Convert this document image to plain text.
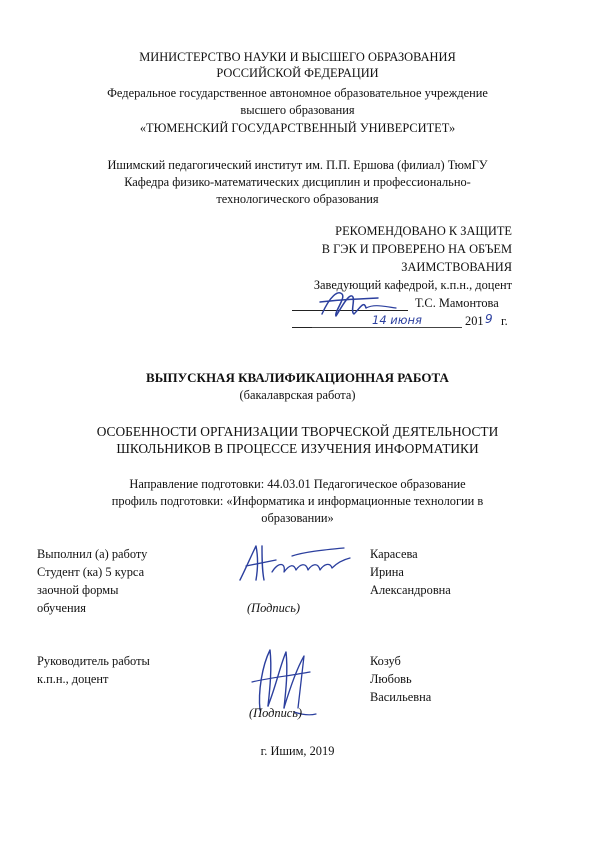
МИНИСТЕРСТВО НАУКИ И ВЫСШЕГО ОБРАЗОВАНИЯ
РОССИЙСКОЙ ФЕДЕРАЦИИ
Федеральное государственное автономное образовательное учреждение
высшего образования
«ТЮМЕНСКИЙ ГОСУДАРСТВЕННЫЙ УНИВЕРСИТЕТ»
Ишимский педагогический институт им. П.П. Ершова (филиал) ТюмГУ
Кафедра физико-математических дисциплин и профессионально-
технологического образования
РЕКОМЕНДОВАНО К ЗАЩИТЕ
В ГЭК И ПРОВЕРЕНО НА ОБЪЕМ
ЗАИМСТВОВАНИЯ
Заведующий кафедрой, к.п.н., доцент
Т.С. Мамонтова
14 июня	201 9 г.
ВЫПУСКНАЯ КВАЛИФИКАЦИОННАЯ РАБОТА
(бакалаврская работа)
ОСОБЕННОСТИ ОРГАНИЗАЦИИ ТВОРЧЕСКОЙ ДЕЯТЕЛЬНОСТИ
ШКОЛЬНИКОВ В ПРОЦЕССЕ ИЗУЧЕНИЯ ИНФОРМАТИКИ
Направление подготовки: 44.03.01 Педагогическое образование
профиль подготовки: «Информатика и информационные технологии в
образовании»
Выполнил (а) работу
Студент (ка) 5 курса
заочной формы
обучения	(Подпись)
Карасева
Ирина
Александровна
Руководитель работы
к.п.н., доцент
(Подпись)
Козуб
Любовь
Васильевна
г. Ишим, 2019
